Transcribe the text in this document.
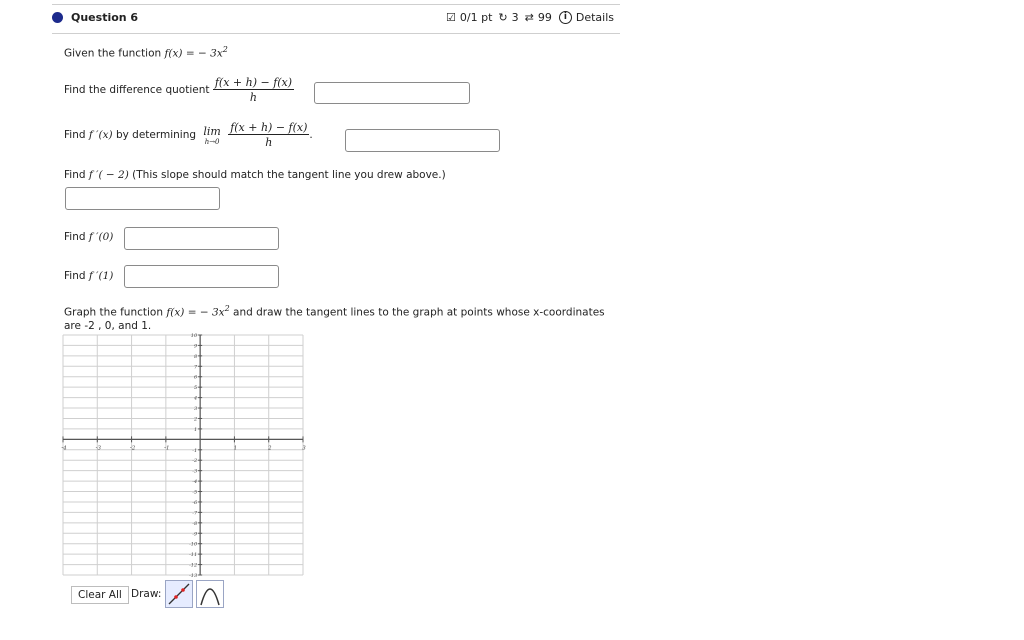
Question 6	☑ 0/1 pt ↻ 3 ⇄ 99	i Details
Given the function f(x) = − $3x^2$
Find the difference quotient $\frac{f(x + h) - f(x)}{h}$
Find f ′(x) by determining lim
h→0
$\frac{f(x + h) - f(x)}{h}$ .
Find f ′( − 2) (This slope should match the tangent line you drew above.)
Find f ′(0)
Find f ′(1)
Graph the function f(x) = − $3x^2$ and draw the tangent lines to the graph at points whose x-coordinates
are -2 , 0, and 1.
-4	-3	-2	-1	1	2	3
10
9
8
7
6
5
4
3
2
1
-1
-2
-3
-4
-5
-6
-7
-8
-9
-10
-11
-12
-13
Clear All Draw:
